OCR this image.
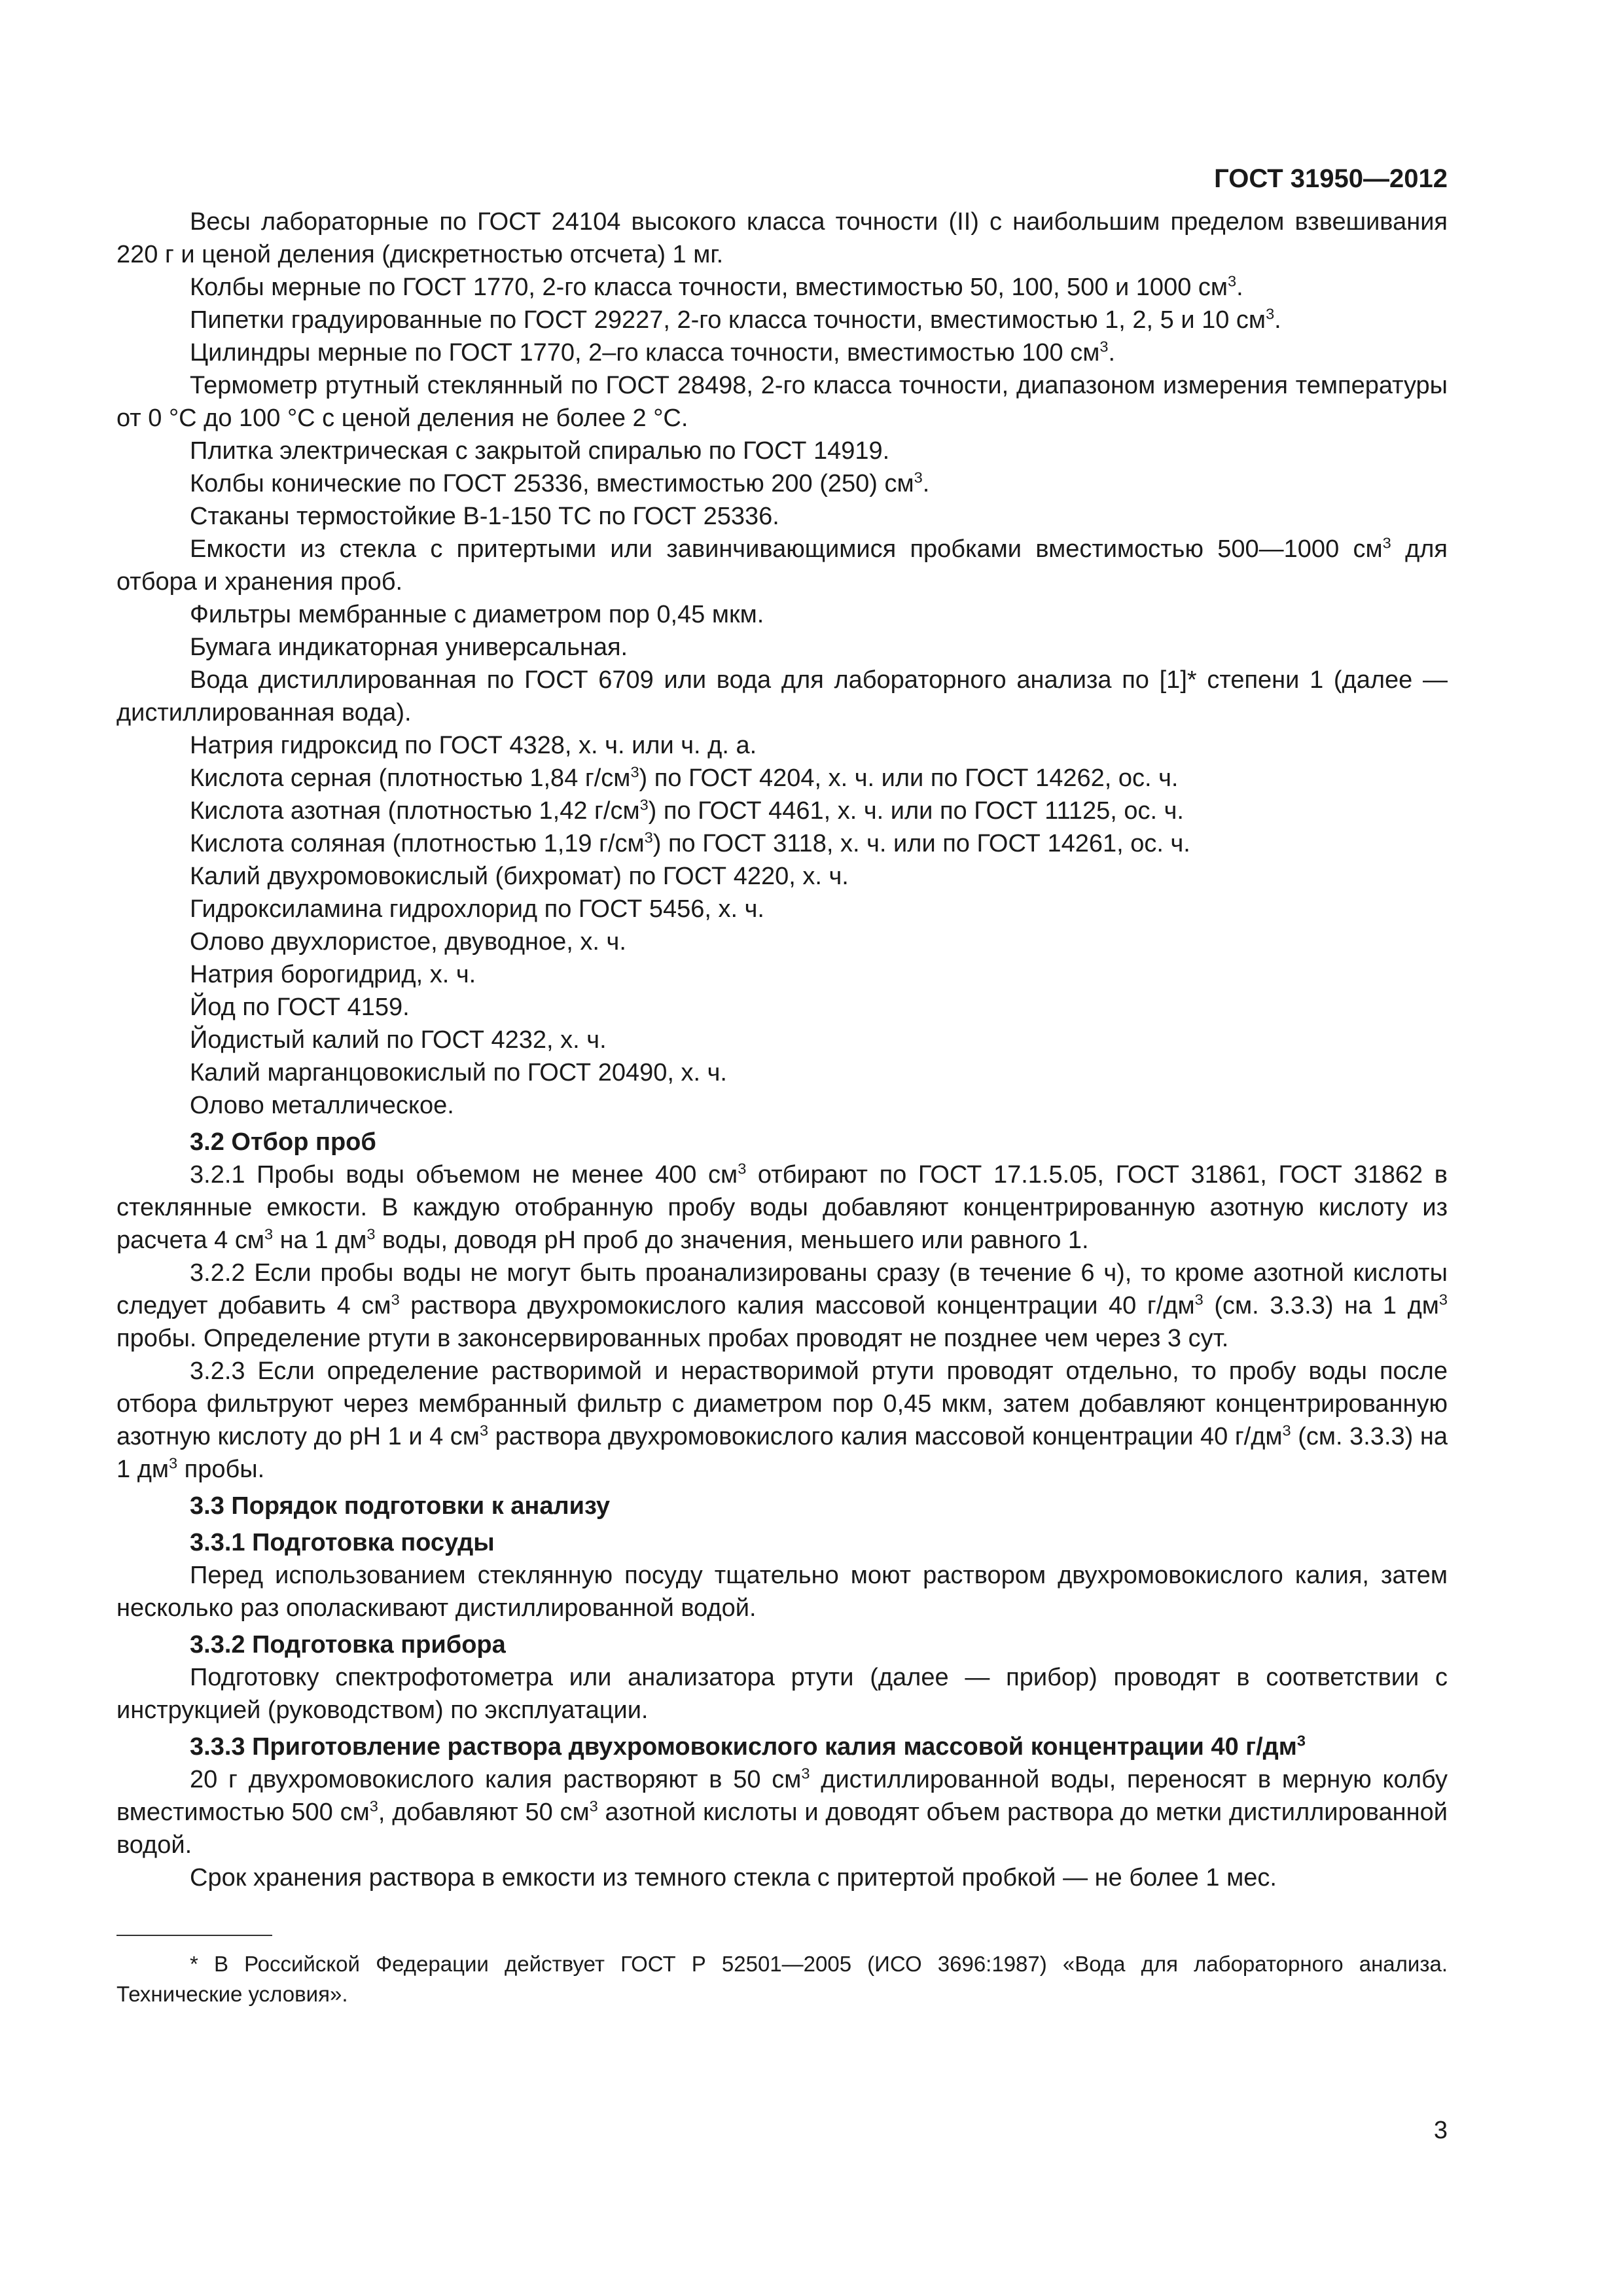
ГОСТ 31950—2012

Весы лабораторные по ГОСТ 24104 высокого класса точности (II) с наибольшим пределом взвешивания 220 г и ценой деления (дискретностью отсчета) 1 мг.

Колбы мерные по ГОСТ 1770, 2-го класса точности, вместимостью 50, 100, 500 и 1000 $см^3$.

Пипетки градуированные по ГОСТ 29227, 2-го класса точности, вместимостью 1, 2, 5 и 10 $см^3$.

Цилиндры мерные по ГОСТ 1770, 2–го класса точности, вместимостью 100 $см^3$.

Термометр ртутный стеклянный по ГОСТ 28498, 2-го класса точности, диапазоном измерения температуры от 0 °С до 100 °С с ценой деления не более 2 °С.

Плитка электрическая с закрытой спиралью по ГОСТ 14919.

Колбы конические по ГОСТ 25336, вместимостью 200 (250) $см^3$.

Стаканы термостойкие В-1-150 ТС по ГОСТ 25336.

Емкости из стекла с притертыми или завинчивающимися пробками вместимостью 500—1000 $см^3$ для отбора и хранения проб.

Фильтры мембранные с диаметром пор 0,45 мкм.

Бумага индикаторная универсальная.

Вода дистиллированная по ГОСТ 6709 или вода для лабораторного анализа по [1]* степени 1 (далее — дистиллированная вода).

Натрия гидроксид по ГОСТ 4328, х. ч. или ч. д. а.

Кислота серная (плотностью 1,84 $г/см^3$) по ГОСТ 4204, х. ч. или по ГОСТ 14262, ос. ч.

Кислота азотная (плотностью 1,42 $г/см^3$) по ГОСТ 4461, х. ч. или по ГОСТ 11125, ос. ч.

Кислота соляная (плотностью 1,19 $г/см^3$) по ГОСТ 3118, х. ч. или по ГОСТ 14261, ос. ч.

Калий двухромовокислый (бихромат) по ГОСТ 4220, х. ч.

Гидроксиламина гидрохлорид по ГОСТ 5456, х. ч.

Олово двухлористое, двуводное, х. ч.

Натрия борогидрид, х. ч.

Йод по ГОСТ 4159.

Йодистый калий по ГОСТ 4232, х. ч.

Калий марганцовокислый по ГОСТ 20490, х. ч.

Олово металлическое.

3.2 Отбор проб

3.2.1 Пробы воды объемом не менее 400 $см^3$ отбирают по ГОСТ 17.1.5.05, ГОСТ 31861, ГОСТ 31862 в стеклянные емкости. В каждую отобранную пробу воды добавляют концентрированную азотную кислоту из расчета 4 $см^3$ на 1 $дм^3$ воды, доводя pH проб до значения, меньшего или равного 1.

3.2.2 Если пробы воды не могут быть проанализированы сразу (в течение 6 ч), то кроме азотной кислоты следует добавить 4 $см^3$ раствора двухромокислого калия массовой концентрации 40 $г/дм^3$ (см. 3.3.3) на 1 $дм^3$ пробы. Определение ртути в законсервированных пробах проводят не позднее чем через 3 сут.

3.2.3 Если определение растворимой и нерастворимой ртути проводят отдельно, то пробу воды после отбора фильтруют через мембранный фильтр с диаметром пор 0,45 мкм, затем добавляют концентрированную азотную кислоту до pH 1 и 4 $см^3$ раствора двухромовокислого калия массовой концентрации 40 $г/дм^3$ (см. 3.3.3) на 1 $дм^3$ пробы.

3.3 Порядок подготовки к анализу
3.3.1 Подготовка посуды

Перед использованием стеклянную посуду тщательно моют раствором двухромовокислого калия, затем несколько раз ополаскивают дистиллированной водой.

3.3.2 Подготовка прибора

Подготовку спектрофотометра или анализатора ртути (далее — прибор) проводят в соответствии с инструкцией (руководством) по эксплуатации.

3.3.3 Приготовление раствора двухромовокислого калия массовой концентрации 40 $г/дм^3$

20 г двухромовокислого калия растворяют в 50 $см^3$ дистиллированной воды, переносят в мерную колбу вместимостью 500 $см^3$, добавляют 50 $см^3$ азотной кислоты и доводят объем раствора до метки дистиллированной водой.

Срок хранения раствора в емкости из темного стекла с притертой пробкой — не более 1 мес.

* В Российской Федерации действует ГОСТ Р 52501—2005 (ИСО 3696:1987) «Вода для лабораторного анализа. Технические условия».

3
